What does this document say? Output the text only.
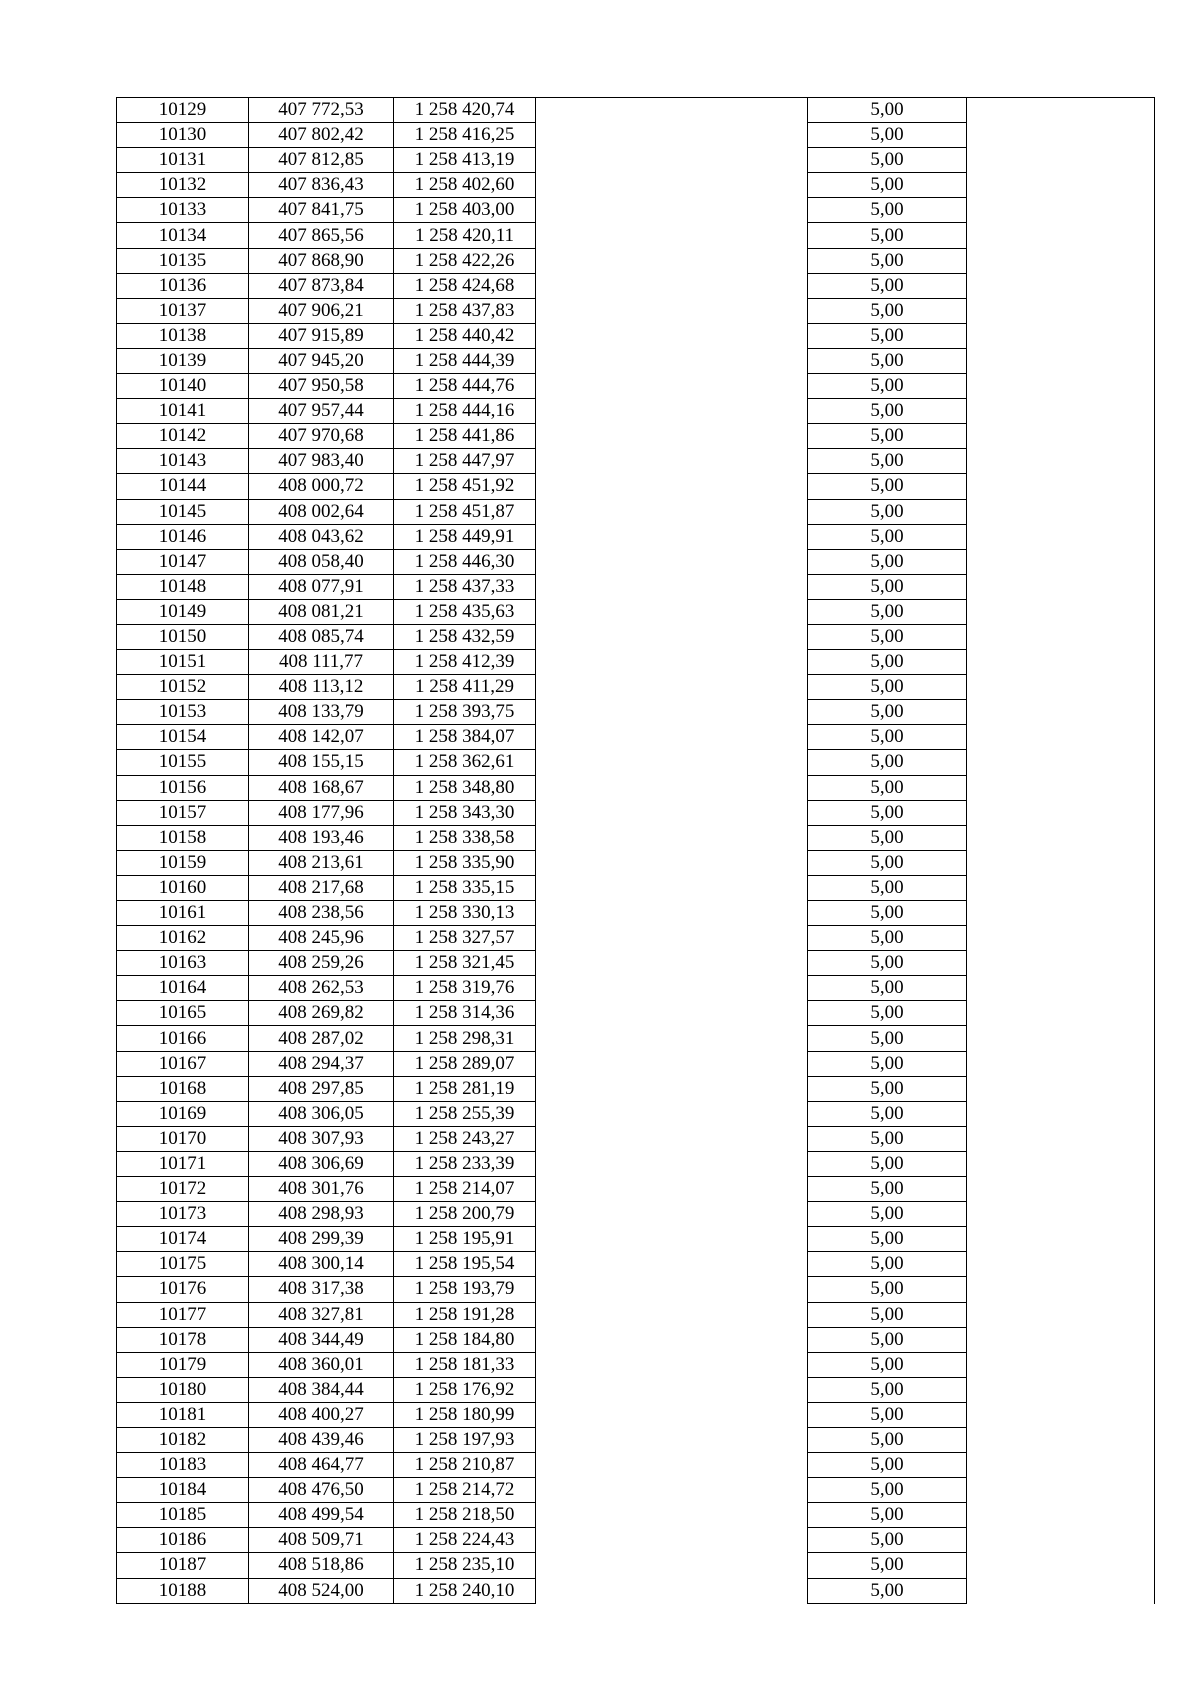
10129	407 772,53	1 258 420,74		5,00	
10130	407 802,42	1 258 416,25		5,00	
10131	407 812,85	1 258 413,19		5,00	
10132	407 836,43	1 258 402,60		5,00	
10133	407 841,75	1 258 403,00		5,00	
10134	407 865,56	1 258 420,11		5,00	
10135	407 868,90	1 258 422,26		5,00	
10136	407 873,84	1 258 424,68		5,00	
10137	407 906,21	1 258 437,83		5,00	
10138	407 915,89	1 258 440,42		5,00	
10139	407 945,20	1 258 444,39		5,00	
10140	407 950,58	1 258 444,76		5,00	
10141	407 957,44	1 258 444,16		5,00	
10142	407 970,68	1 258 441,86		5,00	
10143	407 983,40	1 258 447,97		5,00	
10144	408 000,72	1 258 451,92		5,00	
10145	408 002,64	1 258 451,87		5,00	
10146	408 043,62	1 258 449,91		5,00	
10147	408 058,40	1 258 446,30		5,00	
10148	408 077,91	1 258 437,33		5,00	
10149	408 081,21	1 258 435,63		5,00	
10150	408 085,74	1 258 432,59		5,00	
10151	408 111,77	1 258 412,39		5,00	
10152	408 113,12	1 258 411,29		5,00	
10153	408 133,79	1 258 393,75		5,00	
10154	408 142,07	1 258 384,07		5,00	
10155	408 155,15	1 258 362,61		5,00	
10156	408 168,67	1 258 348,80		5,00	
10157	408 177,96	1 258 343,30		5,00	
10158	408 193,46	1 258 338,58		5,00	
10159	408 213,61	1 258 335,90		5,00	
10160	408 217,68	1 258 335,15		5,00	
10161	408 238,56	1 258 330,13		5,00	
10162	408 245,96	1 258 327,57		5,00	
10163	408 259,26	1 258 321,45		5,00	
10164	408 262,53	1 258 319,76		5,00	
10165	408 269,82	1 258 314,36		5,00	
10166	408 287,02	1 258 298,31		5,00	
10167	408 294,37	1 258 289,07		5,00	
10168	408 297,85	1 258 281,19		5,00	
10169	408 306,05	1 258 255,39		5,00	
10170	408 307,93	1 258 243,27		5,00	
10171	408 306,69	1 258 233,39		5,00	
10172	408 301,76	1 258 214,07		5,00	
10173	408 298,93	1 258 200,79		5,00	
10174	408 299,39	1 258 195,91		5,00	
10175	408 300,14	1 258 195,54		5,00	
10176	408 317,38	1 258 193,79		5,00	
10177	408 327,81	1 258 191,28		5,00	
10178	408 344,49	1 258 184,80		5,00	
10179	408 360,01	1 258 181,33		5,00	
10180	408 384,44	1 258 176,92		5,00	
10181	408 400,27	1 258 180,99		5,00	
10182	408 439,46	1 258 197,93		5,00	
10183	408 464,77	1 258 210,87		5,00	
10184	408 476,50	1 258 214,72		5,00	
10185	408 499,54	1 258 218,50		5,00	
10186	408 509,71	1 258 224,43		5,00	
10187	408 518,86	1 258 235,10		5,00	
10188	408 524,00	1 258 240,10		5,00	
